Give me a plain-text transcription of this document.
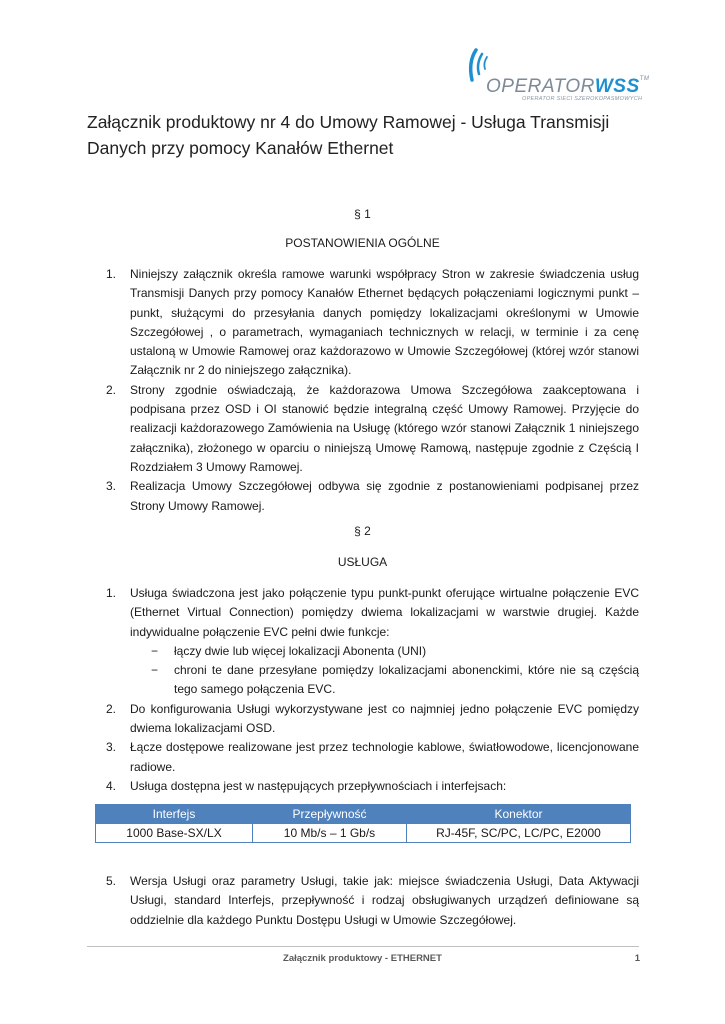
OPERATORWSS™
OPERATOR SIECI SZEROKOPASMOWYCH
Załącznik produktowy nr 4 do Umowy Ramowej - Usługa Transmisji Danych przy pomocy Kanałów Ethernet
§ 1
POSTANOWIENIA OGÓLNE
1. Niniejszy załącznik określa ramowe warunki współpracy Stron w zakresie świadczenia usług Transmisji Danych przy pomocy Kanałów Ethernet będących połączeniami logicznymi punkt – punkt, służącymi do przesyłania danych pomiędzy lokalizacjami określonymi w Umowie Szczegółowej , o parametrach, wymaganiach technicznych w relacji, w terminie i za cenę ustaloną w Umowie Ramowej oraz każdorazowo w Umowie Szczegółowej (której wzór stanowi Załącznik nr 2 do niniejszego załącznika).
2. Strony zgodnie oświadczają, że każdorazowa Umowa Szczegółowa zaakceptowana i podpisana przez OSD i OI stanowić będzie integralną część Umowy Ramowej. Przyjęcie do realizacji każdorazowego Zamówienia na Usługę (którego wzór stanowi Załącznik 1 niniejszego załącznika), złożonego w oparciu o niniejszą Umowę Ramową, następuje zgodnie z Częścią I Rozdziałem 3 Umowy Ramowej.
3. Realizacja Umowy Szczegółowej odbywa się zgodnie z postanowieniami podpisanej przez Strony Umowy Ramowej.
§ 2
USŁUGA
1. Usługa świadczona jest jako połączenie typu punkt-punkt oferujące wirtualne połączenie EVC (Ethernet Virtual Connection) pomiędzy dwiema lokalizacjami w warstwie drugiej. Każde indywidualne połączenie EVC pełni dwie funkcje:
− łączy dwie lub więcej lokalizacji Abonenta (UNI)
− chroni te dane przesyłane pomiędzy lokalizacjami abonenckimi, które nie są częścią tego samego połączenia EVC.
2. Do konfigurowania Usługi wykorzystywane jest co najmniej jedno połączenie EVC pomiędzy dwiema lokalizacjami OSD.
3. Łącze dostępowe realizowane jest przez technologie kablowe, światłowodowe, licencjonowane radiowe.
4. Usługa dostępna jest w następujących przepływnościach i interfejsach:
Interfejs	Przepływność	Konektor
1000 Base-SX/LX	10 Mb/s – 1 Gb/s	RJ-45F, SC/PC, LC/PC, E2000
5. Wersja Usługi oraz parametry Usługi, takie jak: miejsce świadczenia Usługi, Data Aktywacji Usługi, standard Interfejs, przepływność i rodzaj obsługiwanych urządzeń definiowane są oddzielnie dla każdego Punktu Dostępu Usługi w Umowie Szczegółowej.
Załącznik produktowy - ETHERNET	1
